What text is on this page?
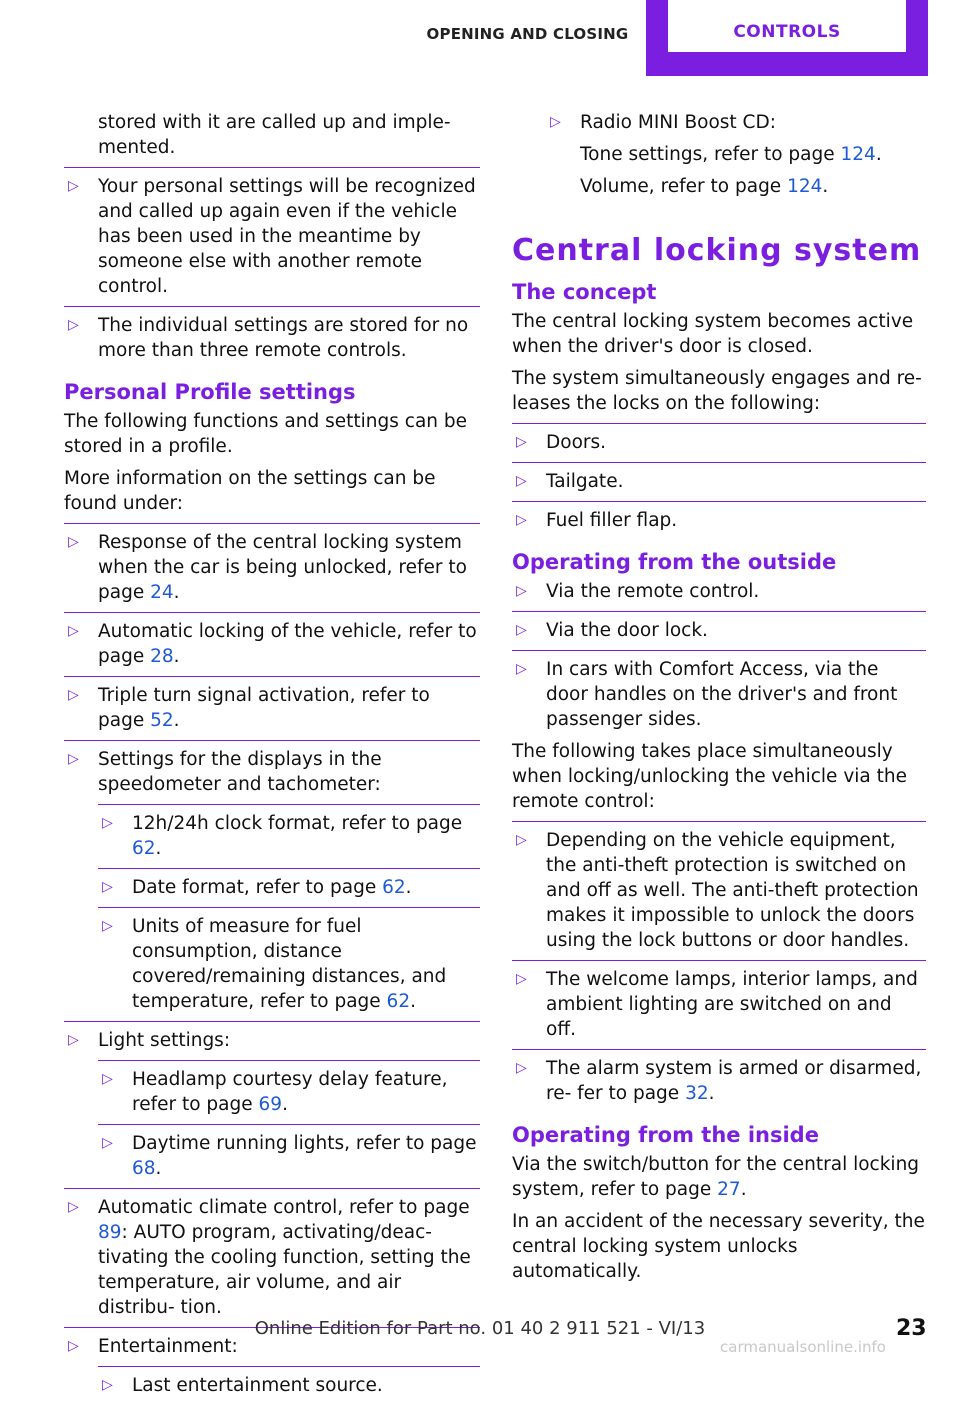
OPENING AND CLOSING	CONTROLS

stored with it are called up and imple‐ mented.

▷ Your personal settings will be recognized and called up again even if the vehicle has been used in the meantime by someone else with another remote control.
▷ The individual settings are stored for no more than three remote controls.
Personal Profile settings

The following functions and settings can be stored in a profile.

More information on the settings can be found under:

▷ Response of the central locking system when the car is being unlocked, refer to page 24.
▷ Automatic locking of the vehicle, refer to page 28.
▷ Triple turn signal activation, refer to page 52.
▷ Settings for the displays in the speedometer and tachometer:
▷ 12h/24h clock format, refer to page 62.
▷ Date format, refer to page 62.
▷ Units of measure for fuel consumption, distance covered/remaining distances, and temperature, refer to page 62.
▷ Light settings:
▷ Headlamp courtesy delay feature, refer to page 69.
▷ Daytime running lights, refer to page 68.
▷ Automatic climate control, refer to page 89: AUTO program, activating/deac‐ tivating the cooling function, setting the temperature, air volume, and air distribu‐ tion.
▷ Entertainment:
▷ Last entertainment source.
▷ Radio MINI Boost CD:

Tone settings, refer to page 124.

Volume, refer to page 124.

Central locking system
The concept

The central locking system becomes active when the driver's door is closed.

The system simultaneously engages and re‐ leases the locks on the following:

▷ Doors.
▷ Tailgate.
▷ Fuel filler flap.
Operating from the outside
▷ Via the remote control.
▷ Via the door lock.
▷ In cars with Comfort Access, via the door handles on the driver's and front passenger sides.

The following takes place simultaneously when locking/unlocking the vehicle via the remote control:

▷ Depending on the vehicle equipment, the anti-theft protection is switched on and off as well. The anti-theft protection makes it impossible to unlock the doors using the lock buttons or door handles.
▷ The welcome lamps, interior lamps, and ambient lighting are switched on and off.
▷ The alarm system is armed or disarmed, re‐ fer to page 32.
Operating from the inside

Via the switch/button for the central locking system, refer to page 27.

In an accident of the necessary severity, the central locking system unlocks automatically.

Online Edition for Part no. 01 40 2 911 521 - VI/13	23
carmanualsonline.info
